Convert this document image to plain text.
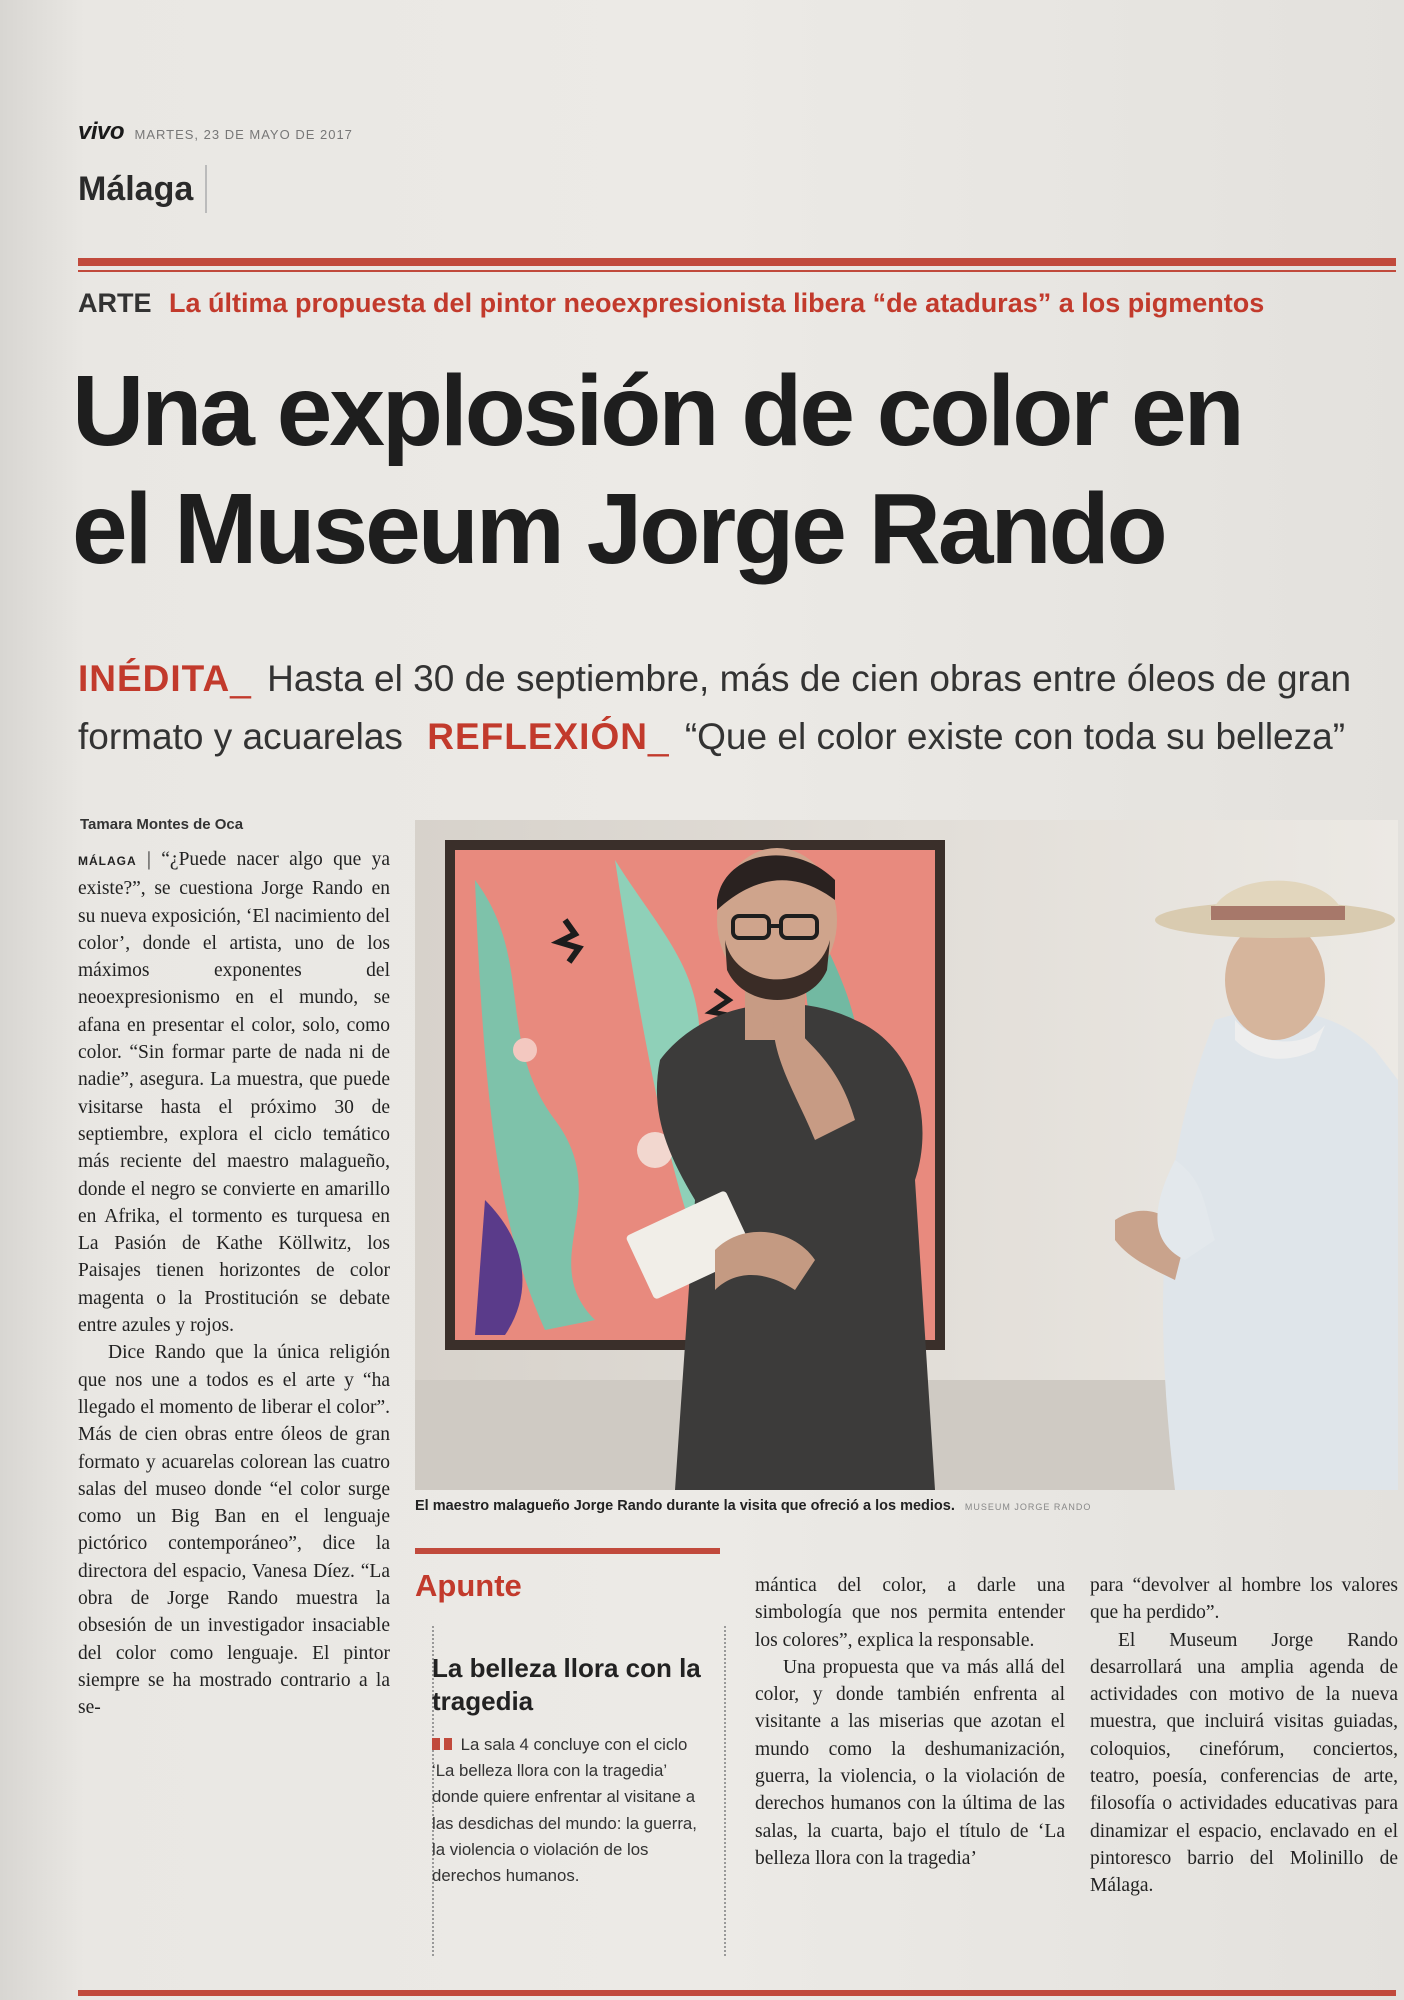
vivo MARTES, 23 DE MAYO DE 2017
Málaga
ARTE La última propuesta del pintor neoexpresionista libera “de ataduras” a los pigmentos
Una explosión de color en
el Museum Jorge Rando
INÉDITA_ Hasta el 30 de septiembre, más de cien obras entre óleos de gran formato y acuarelas REFLEXIÓN_ “Que el color existe con toda su belleza”
Tamara Montes de Oca

MÁLAGA | “¿Puede nacer algo que ya existe?”, se cuestiona Jorge Rando en su nueva exposición, ‘El nacimiento del color’, donde el artista, uno de los máximos exponentes del neoexpresionismo en el mundo, se afana en presentar el color, solo, como color. “Sin formar parte de nada ni de nadie”, asegura. La muestra, que puede visitarse hasta el próximo 30 de septiembre, explora el ciclo temático más reciente del maestro malagueño, donde el negro se convierte en amarillo en Afrika, el tormento es turquesa en La Pasión de Kathe Köllwitz, los Paisajes tienen horizontes de color magenta o la Prostitución se debate entre azules y rojos.

Dice Rando que la única religión que nos une a todos es el arte y “ha llegado el momento de liberar el color”. Más de cien obras entre óleos de gran formato y acuarelas colorean las cuatro salas del museo donde “el color surge como un Big Ban en el lenguaje pictórico contemporáneo”, dice la directora del espacio, Vanesa Díez. “La obra de Jorge Rando muestra la obsesión de un investigador insaciable del color como lenguaje. El pintor siempre se ha mostrado contrario a la se-

El maestro malagueño Jorge Rando durante la visita que ofreció a los medios. MUSEUM JORGE RANDO
Apunte
La belleza llora con la tragedia
La sala 4 concluye con el ciclo ‘La belleza llora con la tragedia’ donde quiere enfrentar al visitane a las desdichas del mundo: la guerra, la violencia o violación de los derechos humanos.

mántica del color, a darle una simbología que nos permita entender los colores”, explica la responsable.

Una propuesta que va más allá del color, y donde también enfrenta al visitante a las miserias que azotan el mundo como la deshumanización, guerra, la violencia, o la violación de derechos humanos con la última de las salas, la cuarta, bajo el título de ‘La belleza llora con la tragedia’

para “devolver al hombre los valores que ha perdido”.

El Museum Jorge Rando desarrollará una amplia agenda de actividades con motivo de la nueva muestra, que incluirá visitas guiadas, coloquios, cinefórum, conciertos, teatro, poesía, conferencias de arte, filosofía o actividades educativas para dinamizar el espacio, enclavado en el pintoresco barrio del Molinillo de Málaga.
